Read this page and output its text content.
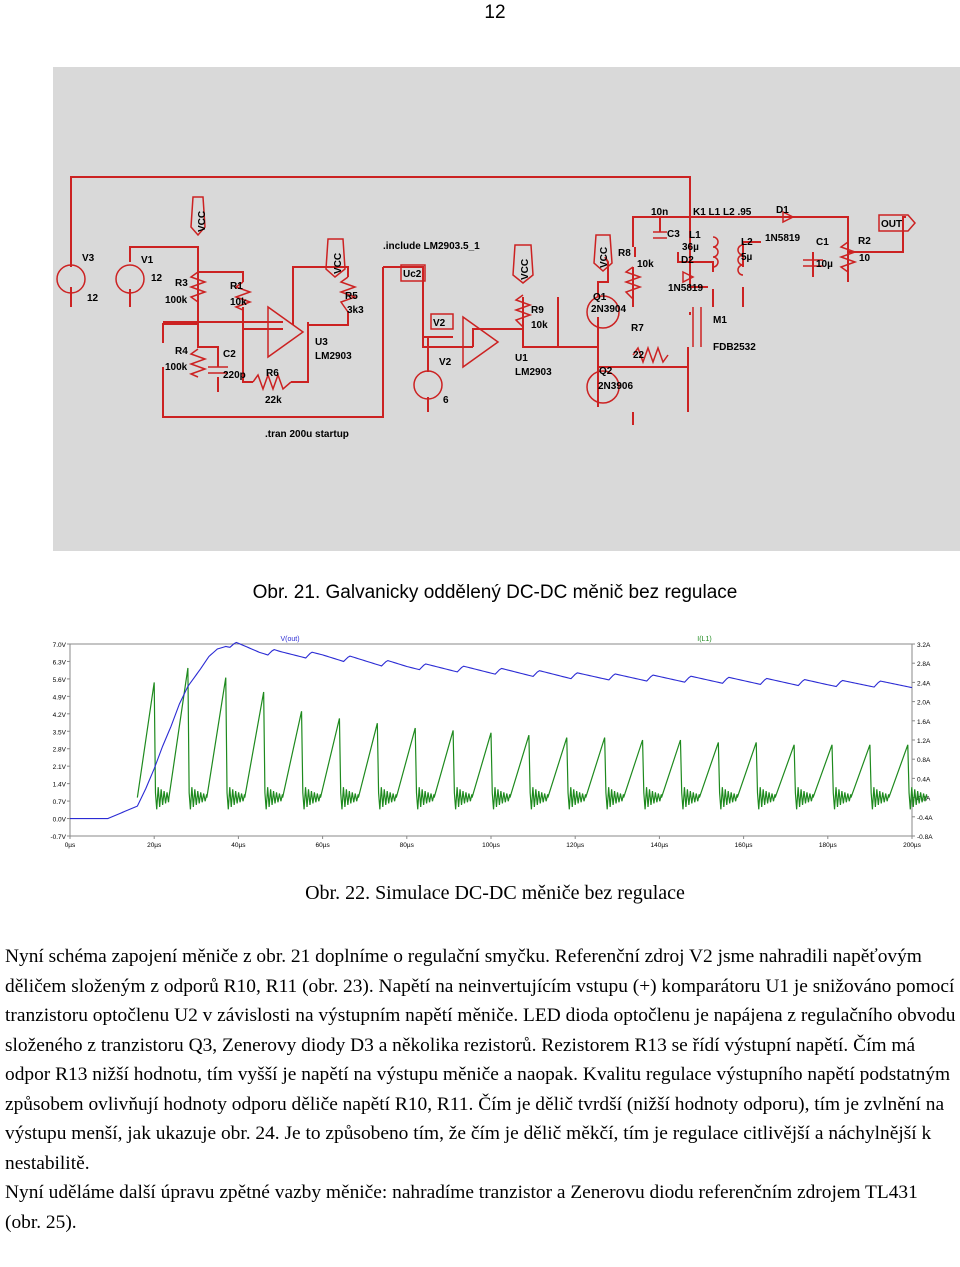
12
V3
12
V1
12
V2
6
R3
100k
R1
10k
R4
100k
R6
22k
R5
3k3	R9
10k
R8
10k
R7
22
R2
10
C2
220p
C3
10n
C1
10µ
L1
36µ	L2
5µ
K1 L1 L2 .95 D1
1N5819
D2
1N5819
U3
LM2903	U1
LM2903
Q1
2N3904
Q2
2N3906
M1
FDB2532
.include LM2903.5_1
.tran 200u startup
VCC
VCC	VCC
VCC
Uc2
V2
OUT
Obr. 21. Galvanicky oddělený DC-DC měnič bez regulace
7.0V
6.3V
5.6V
4.9V
4.2V
3.5V
2.8V
2.1V
1.4V
0.7V
0.0V
-0.7V
3.2A
2.8A
2.4A
2.0A
1.6A
1.2A
0.8A
0.4A
0.0A
-0.4A
-0.8A
0µs	20µs	40µs	60µs	80µs	100µs	120µs	140µs	160µs	180µs	200µs
V(out)	I(L1)
Obr. 22. Simulace DC-DC měniče bez regulace

Nyní schéma zapojení měniče z obr. 21 doplníme o regulační smyčku. Referenční zdroj V2 jsme nahradili napěťovým děličem složeným z odporů R10, R11 (obr. 23). Napětí na neinvertujícím vstupu (+) komparátoru U1 je snižováno pomocí tranzistoru optočlenu U2 v závislosti na výstupním napětí měniče. LED dioda optočlenu je napájena z regulačního obvodu složeného z tranzistoru Q3, Zenerovy diody D3 a několika rezistorů. Rezistorem R13 se řídí výstupní napětí. Čím má odpor R13 nižší hodnotu, tím vyšší je napětí na výstupu měniče a naopak. Kvalitu regulace výstupního napětí podstatným způsobem ovlivňují hodnoty odporu děliče napětí R10, R11. Čím je dělič tvrdší (nižší hodnoty odporu), tím je zvlnění na výstupu menší, jak ukazuje obr. 24. Je to způsobeno tím, že čím je dělič měkčí, tím je regulace citlivější a náchylnější k nestabilitě.

Nyní uděláme další úpravu zpětné vazby měniče: nahradíme tranzistor a Zenerovu diodu referenčním zdrojem TL431 (obr. 25).
